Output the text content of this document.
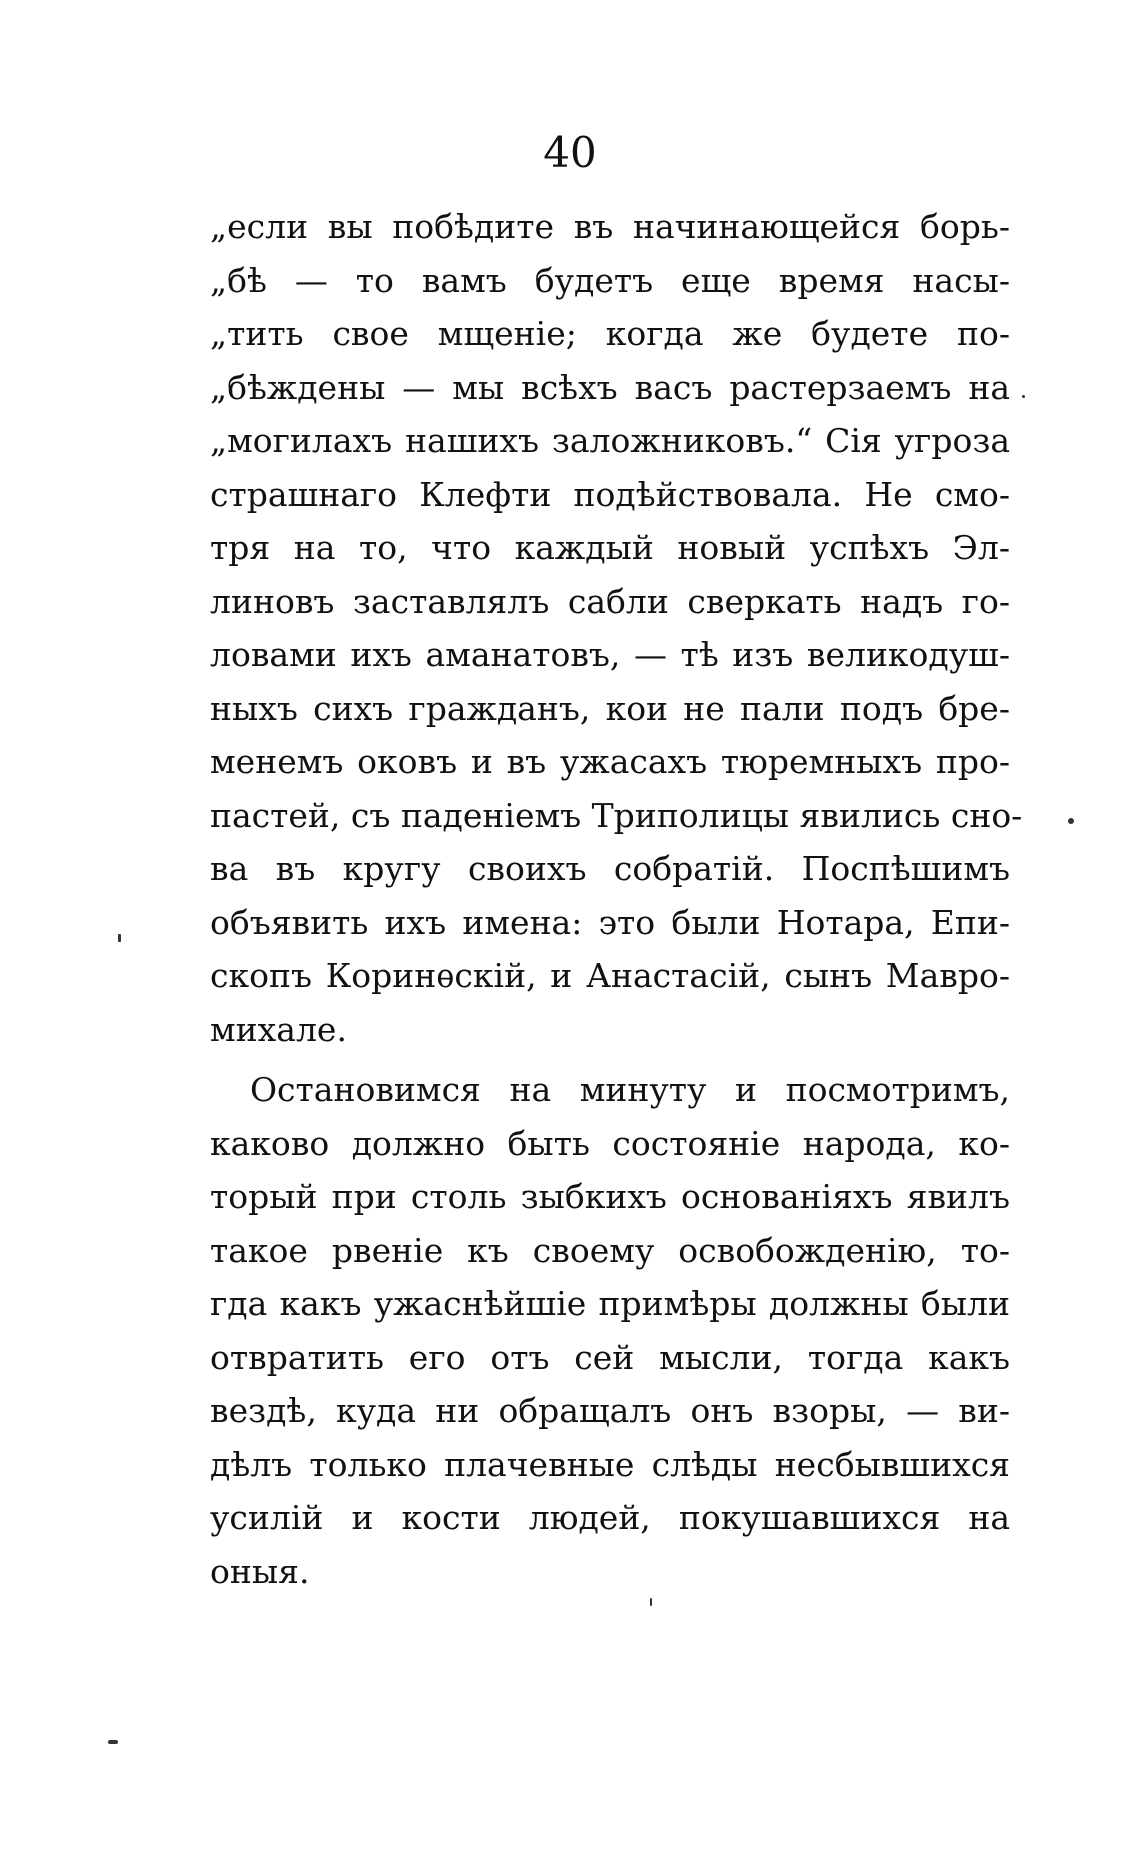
40
„если вы побѣдите въ начинающейся борь-
„бѣ — то вамъ будетъ еще время насы-
„тить свое мщеніе; когда же будете по-
„бѣждены — мы всѣхъ васъ растерзаемъ на
„могилахъ нашихъ заложниковъ.“ Сія угроза
страшнаго Клефти подѣйствовала. Не смо-
тря на то, что каждый новый успѣхъ Эл-
линовъ заставлялъ сабли сверкать надъ го-
ловами ихъ аманатовъ, — тѣ изъ великодуш-
ныхъ сихъ гражданъ, кои не пали подъ бре-
менемъ оковъ и въ ужасахъ тюремныхъ про-
пастей, съ паденіемъ Триполицы явились сно-
ва въ кругу своихъ собратій. Поспѣшимъ
объявить ихъ имена: это были Нотара, Епи-
скопъ Коринѳскій, и Анастасій, сынъ Мавро-
михале.
Остановимся на минуту и посмотримъ,
каково должно быть состояніе народа, ко-
торый при столь зыбкихъ основаніяхъ явилъ
такое рвеніе къ своему освобожденію, то-
гда какъ ужаснѣйшіе примѣры должны были
отвратить его отъ сей мысли, тогда какъ
вездѣ, куда ни обращалъ онъ взоры, — ви-
дѣлъ только плачевные слѣды несбывшихся
усилій и кости людей, покушавшихся на
оныя.
